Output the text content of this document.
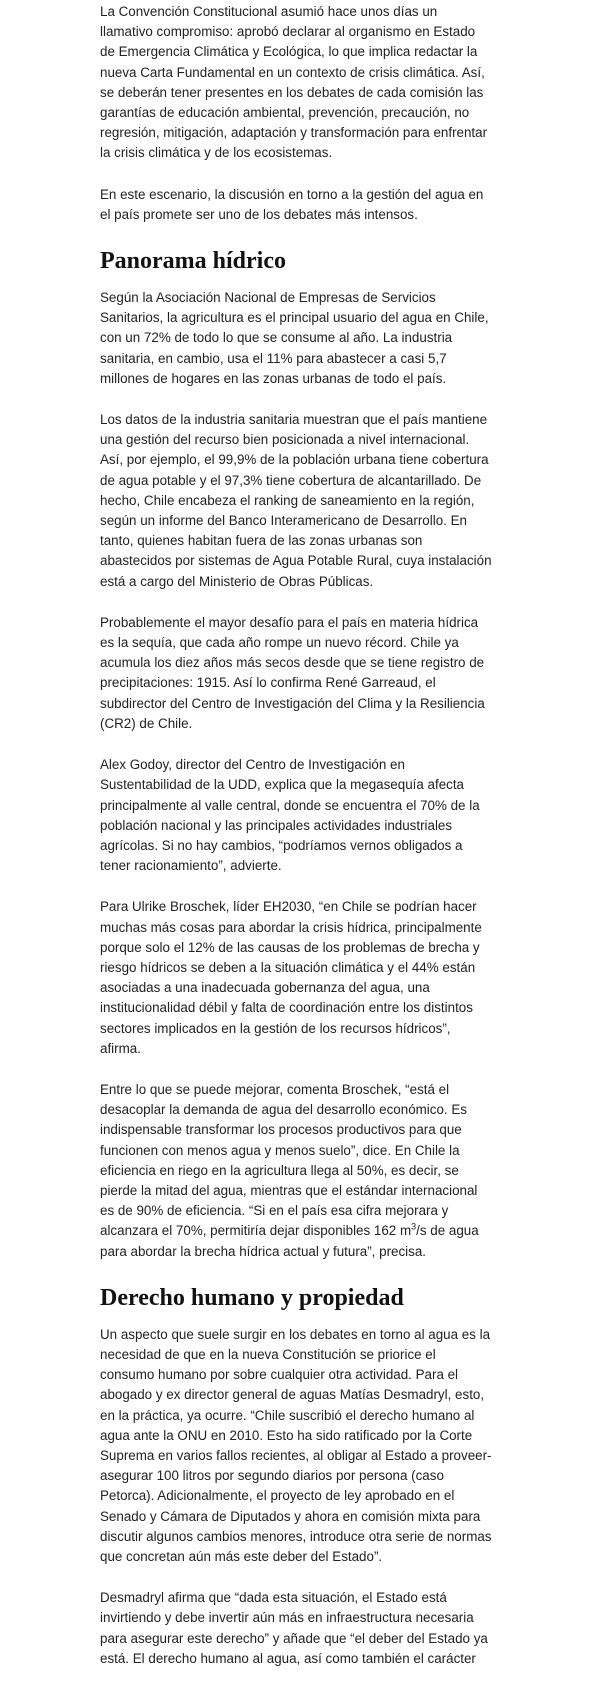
La Convención Constitucional asumió hace unos días un
llamativo compromiso: aprobó declarar al organismo en Estado
de Emergencia Climática y Ecológica, lo que implica redactar la
nueva Carta Fundamental en un contexto de crisis climática. Así,
se deberán tener presentes en los debates de cada comisión las
garantías de educación ambiental, prevención, precaución, no
regresión, mitigación, adaptación y transformación para enfrentar
la crisis climática y de los ecosistemas.

En este escenario, la discusión en torno a la gestión del agua en
el país promete ser uno de los debates más intensos.

Panorama hídrico

Según la Asociación Nacional de Empresas de Servicios
Sanitarios, la agricultura es el principal usuario del agua en Chile,
con un 72% de todo lo que se consume al año. La industria
sanitaria, en cambio, usa el 11% para abastecer a casi 5,7
millones de hogares en las zonas urbanas de todo el país.

Los datos de la industria sanitaria muestran que el país mantiene
una gestión del recurso bien posicionada a nivel internacional.
Así, por ejemplo, el 99,9% de la población urbana tiene cobertura
de agua potable y el 97,3% tiene cobertura de alcantarillado. De
hecho, Chile encabeza el ranking de saneamiento en la región,
según un informe del Banco Interamericano de Desarrollo. En
tanto, quienes habitan fuera de las zonas urbanas son
abastecidos por sistemas de Agua Potable Rural, cuya instalación
está a cargo del Ministerio de Obras Públicas.

Probablemente el mayor desafío para el país en materia hídrica
es la sequía, que cada año rompe un nuevo récord. Chile ya
acumula los diez años más secos desde que se tiene registro de
precipitaciones: 1915. Así lo confirma René Garreaud, el
subdirector del Centro de Investigación del Clima y la Resiliencia
(CR2) de Chile.

Alex Godoy, director del Centro de Investigación en
Sustentabilidad de la UDD, explica que la megasequía afecta
principalmente al valle central, donde se encuentra el 70% de la
población nacional y las principales actividades industriales
agrícolas. Si no hay cambios, “podríamos vernos obligados a
tener racionamiento”, advierte.

Para Ulrike Broschek, líder EH2030, “en Chile se podrían hacer
muchas más cosas para abordar la crisis hídrica, principalmente
porque solo el 12% de las causas de los problemas de brecha y
riesgo hídricos se deben a la situación climática y el 44% están
asociadas a una inadecuada gobernanza del agua, una
institucionalidad débil y falta de coordinación entre los distintos
sectores implicados en la gestión de los recursos hídricos”,
afirma.

Entre lo que se puede mejorar, comenta Broschek, “está el
desacoplar la demanda de agua del desarrollo económico. Es
indispensable transformar los procesos productivos para que
funcionen con menos agua y menos suelo”, dice. En Chile la
eficiencia en riego en la agricultura llega al 50%, es decir, se
pierde la mitad del agua, mientras que el estándar internacional
es de 90% de eficiencia. “Si en el país esa cifra mejorara y
alcanzara el 70%, permitiría dejar disponibles 162 $m^3/s$ de agua
para abordar la brecha hídrica actual y futura”, precisa.

Derecho humano y propiedad

Un aspecto que suele surgir en los debates en torno al agua es la
necesidad de que en la nueva Constitución se priorice el
consumo humano por sobre cualquier otra actividad. Para el
abogado y ex director general de aguas Matías Desmadryl, esto,
en la práctica, ya ocurre. “Chile suscribió el derecho humano al
agua ante la ONU en 2010. Esto ha sido ratificado por la Corte
Suprema en varios fallos recientes, al obligar al Estado a proveer-
asegurar 100 litros por segundo diarios por persona (caso
Petorca). Adicionalmente, el proyecto de ley aprobado en el
Senado y Cámara de Diputados y ahora en comisión mixta para
discutir algunos cambios menores, introduce otra serie de normas
que concretan aún más este deber del Estado”.

Desmadryl afirma que “dada esta situación, el Estado está
invirtiendo y debe invertir aún más en infraestructura necesaria
para asegurar este derecho” y añade que “el deber del Estado ya
está. El derecho humano al agua, así como también el carácter
